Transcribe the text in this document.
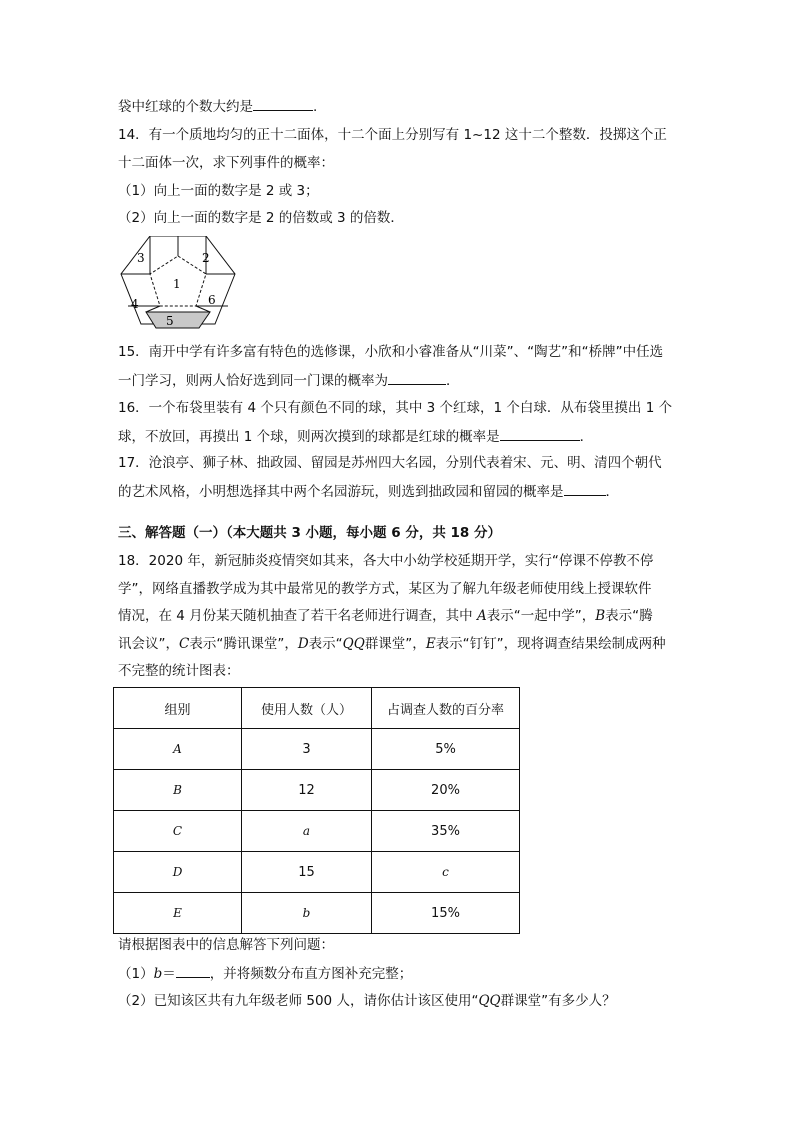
袋中红球的个数大约是	.
14．有一个质地均匀的正十二面体，十二个面上分别写有 1~12 这十二个整数．投掷这个正
十二面体一次，求下列事件的概率：
（1）向上一面的数字是 2 或 3；
（2）向上一面的数字是 2 的倍数或 3 的倍数．
3	2
1
4	6
5
15．南开中学有许多富有特色的选修课，小欣和小睿准备从“川菜”、“陶艺”和“桥牌”中任选
一门学习，则两人恰好选到同一门课的概率为	．
16．一个布袋里装有 4 个只有颜色不同的球，其中 3 个红球，1 个白球．从布袋里摸出 1 个
球，不放回，再摸出 1 个球，则两次摸到的球都是红球的概率是	．
17．沧浪亭、狮子林、拙政园、留园是苏州四大名园，分别代表着宋、元、明、清四个朝代
的艺术风格，小明想选择其中两个名园游玩，则选到拙政园和留园的概率是	．
三、解答题（一）（本大题共 3 小题，每小题 6 分，共 18 分）
18．2020 年，新冠肺炎疫情突如其来，各大中小幼学校延期开学，实行“停课不停教不停
学”，网络直播教学成为其中最常见的教学方式，某区为了解九年级老师使用线上授课软件
情况，在 4 月份某天随机抽查了若干名老师进行调查，其中 A表示“一起中学”，B表示“腾
讯会议”，C表示“腾讯课堂”，D表示“QQ群课堂”，E表示“钉钉”，现将调查结果绘制成两种
不完整的统计图表：
组别	使用人数（人）	占调查人数的百分率
A	3	5%
B	12	20%
C	a	35%
D	15	c
E	b	15%
请根据图表中的信息解答下列问题：
（1）b＝	，并将频数分布直方图补充完整；
（2）已知该区共有九年级老师 500 人，请你估计该区使用“QQ群课堂”有多少人？
